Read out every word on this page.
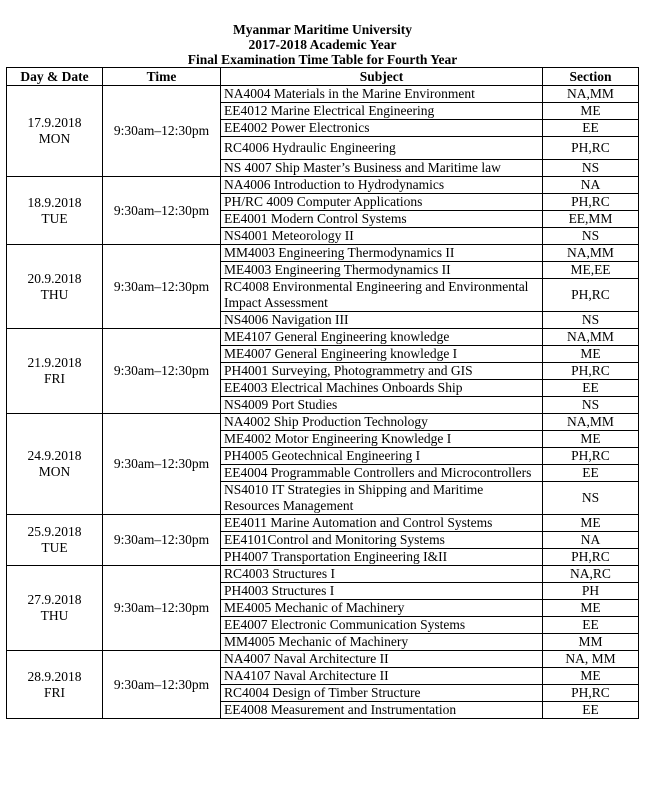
Myanmar Maritime University
2017-2018 Academic Year
Final Examination Time Table for Fourth Year
Day & Date	Time	Subject	Section

17.9.2018
MON	9:30am–12:30pm	NA4004 Materials in the Marine Environment	NA,MM
		EE4012 Marine Electrical Engineering	ME
		EE4002 Power Electronics	EE
		RC4006 Hydraulic Engineering	PH,RC
		NS 4007 Ship Master’s Business and Maritime law	NS

18.9.2018
TUE	9:30am–12:30pm	NA4006 Introduction to Hydrodynamics	NA
		PH/RC 4009 Computer Applications	PH,RC
		EE4001 Modern Control Systems	EE,MM
		NS4001 Meteorology II	NS

20.9.2018
THU	9:30am–12:30pm	MM4003 Engineering Thermodynamics II	NA,MM
		ME4003 Engineering Thermodynamics II	ME,EE
		RC4008 Environmental Engineering and Environmental Impact Assessment	PH,RC
		NS4006 Navigation III	NS

21.9.2018
FRI	9:30am–12:30pm	ME4107 General Engineering knowledge	NA,MM
		ME4007 General Engineering knowledge I	ME
		PH4001 Surveying, Photogrammetry and GIS	PH,RC
		EE4003 Electrical Machines Onboards Ship	EE
		NS4009 Port Studies	NS

24.9.2018
MON	9:30am–12:30pm	NA4002 Ship Production Technology	NA,MM
		ME4002 Motor Engineering Knowledge I	ME
		PH4005 Geotechnical Engineering I	PH,RC
		EE4004 Programmable Controllers and Microcontrollers	EE
		NS4010 IT Strategies in Shipping and Maritime Resources Management	NS

25.9.2018
TUE	9:30am–12:30pm	EE4011 Marine Automation and Control Systems	ME
		EE4101Control and Monitoring Systems	NA
		PH4007 Transportation Engineering I&II	PH,RC

27.9.2018
THU	9:30am–12:30pm	RC4003 Structures I	NA,RC
		PH4003 Structures I	PH
		ME4005 Mechanic of Machinery	ME
		EE4007 Electronic Communication Systems	EE
		MM4005 Mechanic of Machinery	MM

28.9.2018
FRI	9:30am–12:30pm	NA4007 Naval Architecture II	NA, MM
		NA4107 Naval Architecture II	ME
		RC4004 Design of Timber Structure	PH,RC
		EE4008 Measurement and Instrumentation	EE
